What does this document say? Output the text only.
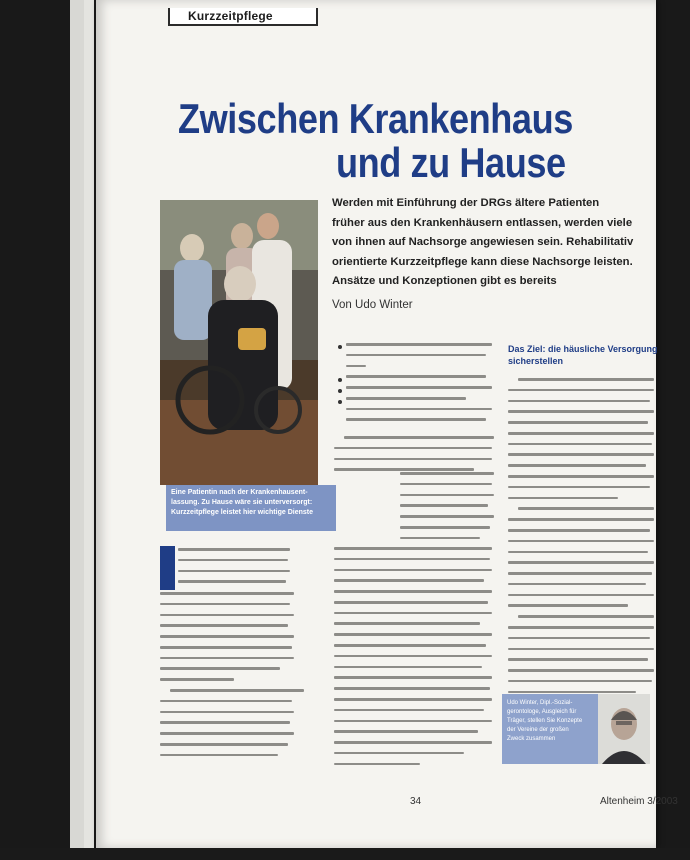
Kurzzeitpflege
Zwischen Krankenhaus
und zu Hause

Werden mit Einführung der DRGs ältere Patienten

früher aus den Krankenhäusern entlassen, werden viele

von ihnen auf Nachsorge angewiesen sein. Rehabilitativ

orientierte Kurzzeitpflege kann diese Nachsorge leisten.

Ansätze und Konzeptionen gibt es bereits

Von Udo Winter

Eine Patientin nach der Krankenhausent-

lassung. Zu Hause wäre sie unterversorgt:

Kurzzeitpflege leistet hier wichtige Dienste

Das Ziel: die häusliche Versorgung

sicherstellen

Udo Winter, Dipl.-Sozial-

gerontologe, Ausgleich für

Träger, stellen Sie Konzepte

der Vereine der großen

Zweck zusammen

34	Altenheim 3/2003
